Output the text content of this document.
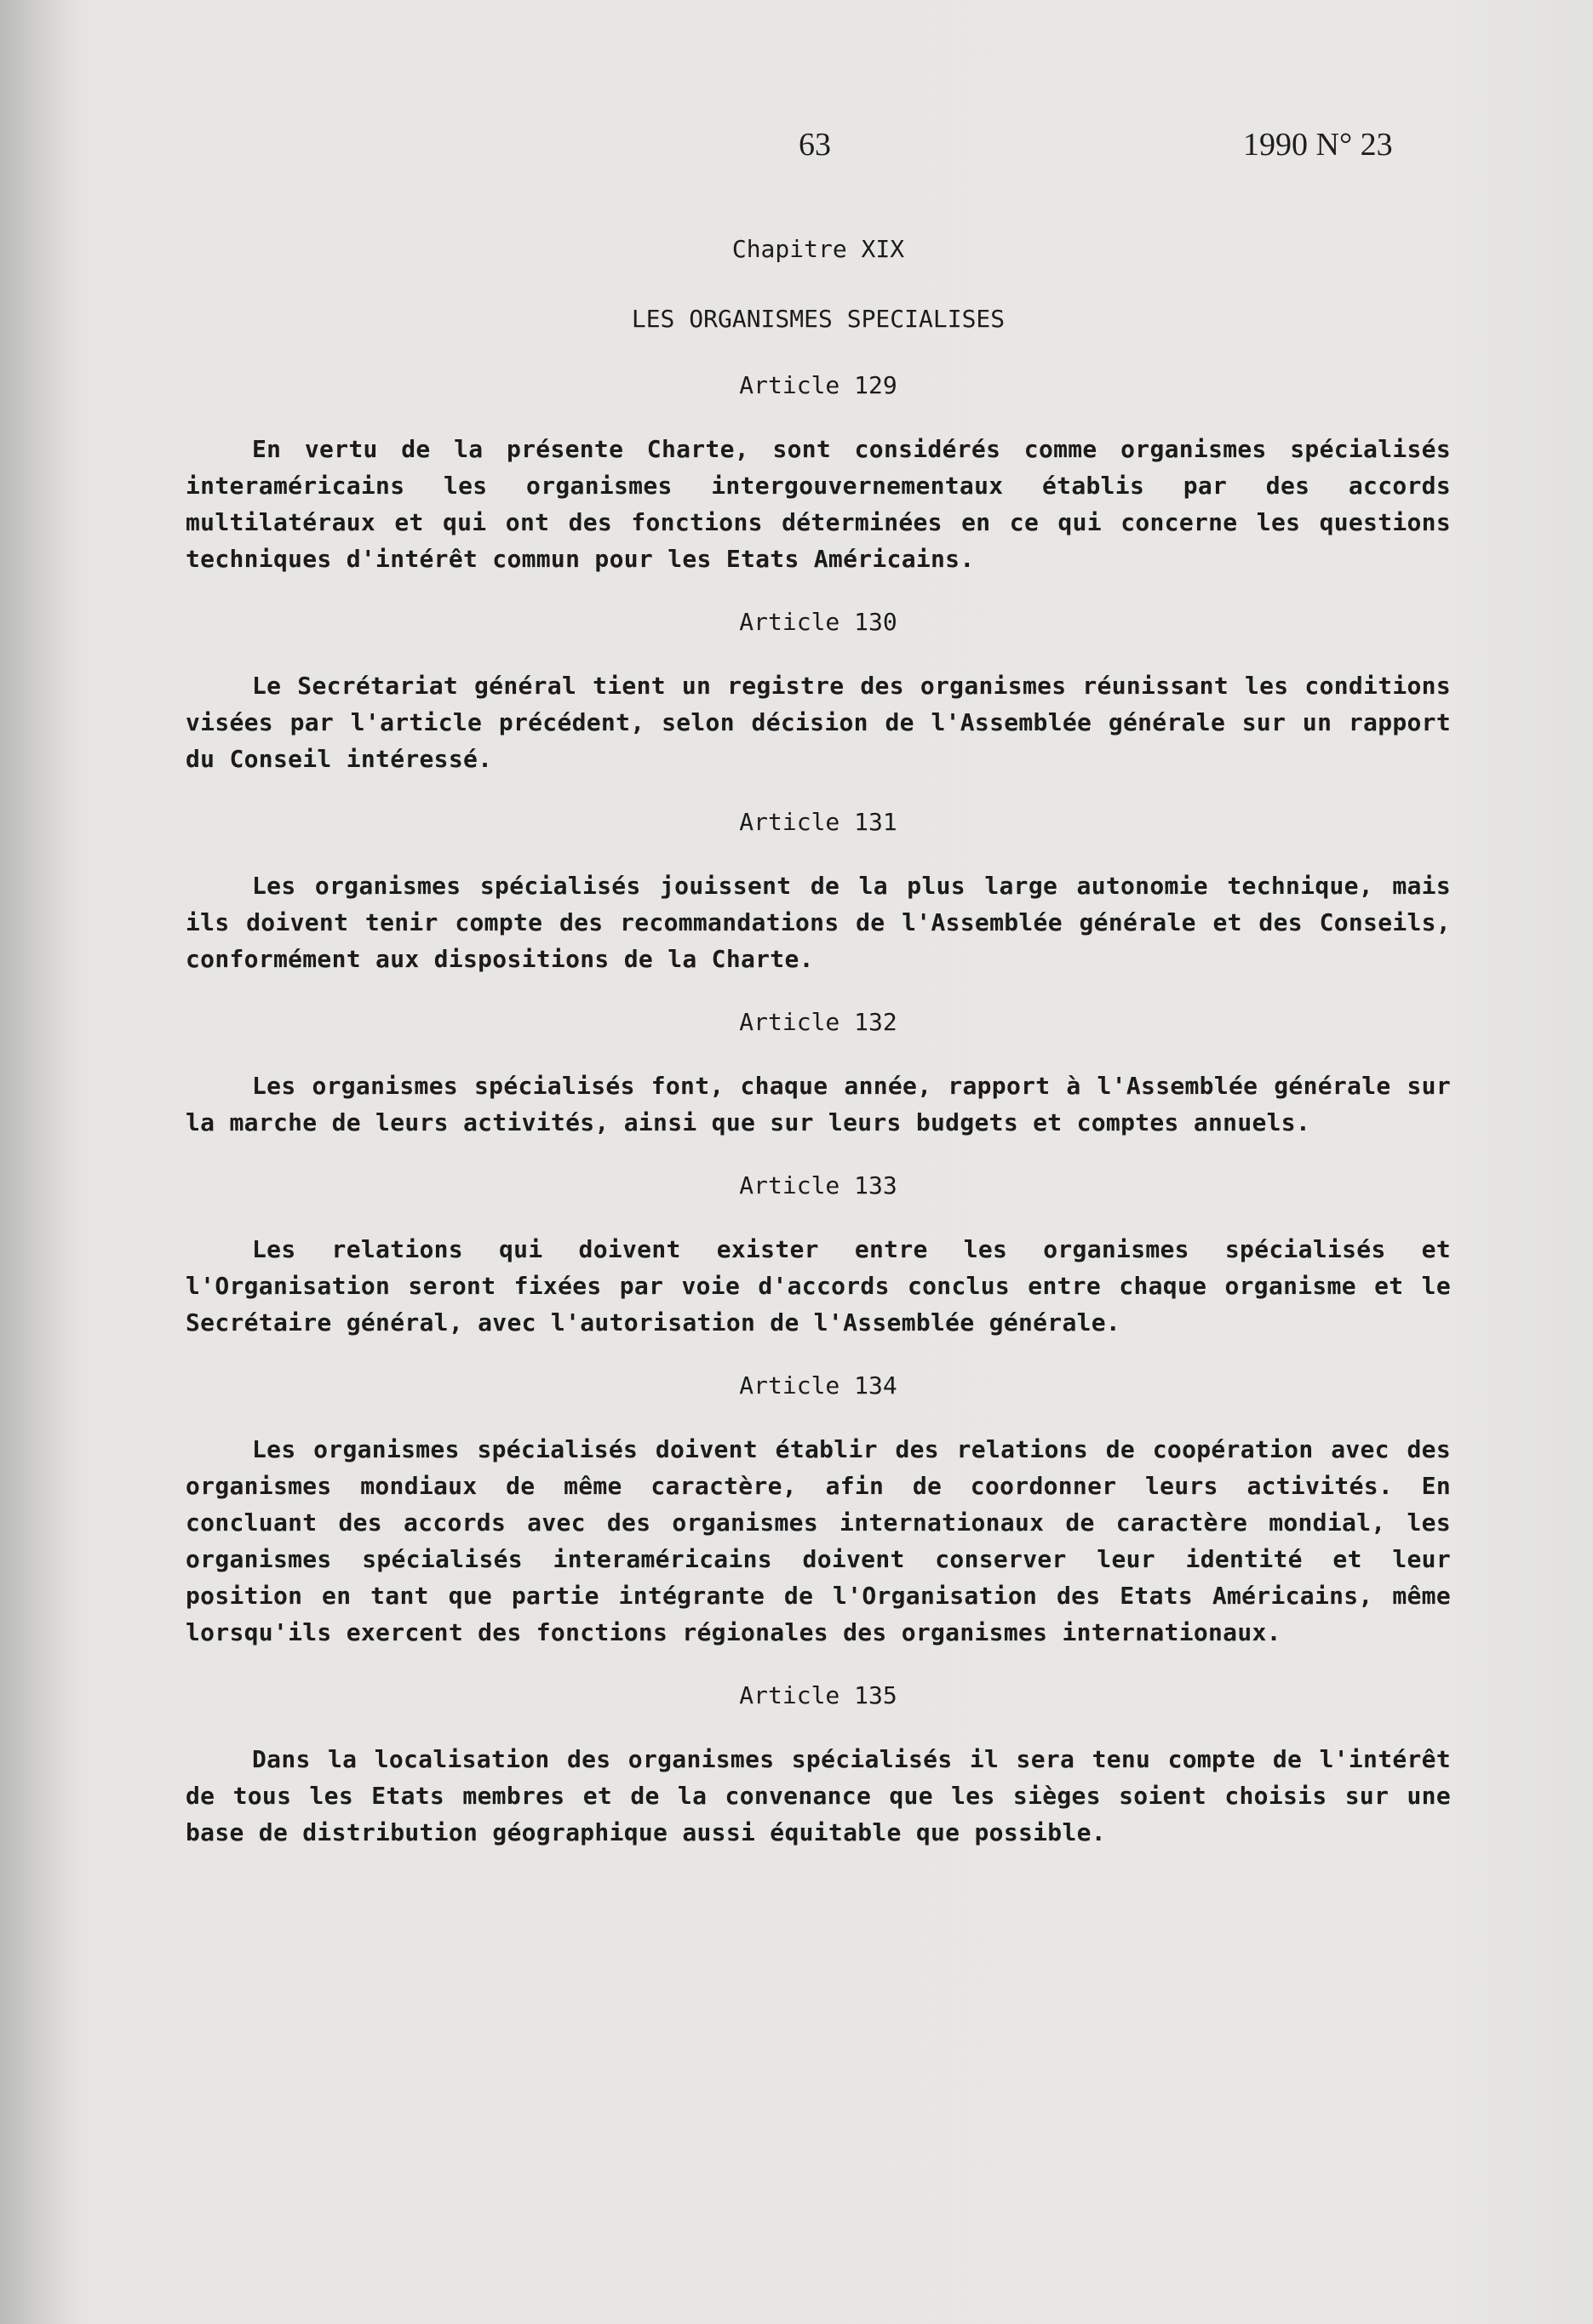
63	1990 N° 23

Chapitre XIX

LES ORGANISMES SPECIALISES

Article 129

En vertu de la présente Charte, sont considérés comme organismes spécialisés interaméricains les organismes intergouvernementaux établis par des accords multilatéraux et qui ont des fonctions déterminées en ce qui concerne les questions techniques d'intérêt commun pour les Etats Américains.

Article 130

Le Secrétariat général tient un registre des organismes réunissant les conditions visées par l'article précédent, selon décision de l'Assemblée générale sur un rapport du Conseil intéressé.

Article 131

Les organismes spécialisés jouissent de la plus large autonomie technique, mais ils doivent tenir compte des recommandations de l'Assemblée générale et des Conseils, conformément aux dispositions de la Charte.

Article 132

Les organismes spécialisés font, chaque année, rapport à l'Assemblée générale sur la marche de leurs activités, ainsi que sur leurs budgets et comptes annuels.

Article 133

Les relations qui doivent exister entre les organismes spécialisés et l'Organisation seront fixées par voie d'accords conclus entre chaque organisme et le Secrétaire général, avec l'autorisation de l'Assemblée générale.

Article 134

Les organismes spécialisés doivent établir des relations de coopération avec des organismes mondiaux de même caractère, afin de coordonner leurs activités. En concluant des accords avec des organismes internationaux de caractère mondial, les organismes spécialisés interaméricains doivent conserver leur identité et leur position en tant que partie intégrante de l'Organisation des Etats Américains, même lorsqu'ils exercent des fonctions régionales des organismes internationaux.

Article 135

Dans la localisation des organismes spécialisés il sera tenu compte de l'intérêt de tous les Etats membres et de la convenance que les sièges soient choisis sur une base de distribution géographique aussi équitable que possible.
